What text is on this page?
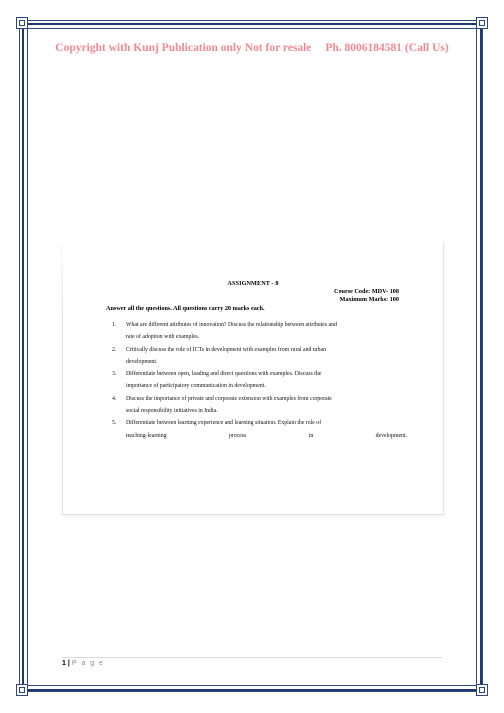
Copyright with Kunj Publication only Not for resale Ph. 8006184581 (Call Us)
ASSIGNMENT - 8
Course Code: MDV- 108
Maximum Marks: 100
Answer all the questions. All questions carry 20 marks each.
1. What are different attributes of innovation? Discuss the relationship between attributes and
rate of adoption with examples.
2. Critically discuss the role of ICTs in development with examples from rural and urban
development.
3. Differentiate between open, leading and direct questions with examples. Discuss the
importance of participatory communication in development.
4. Discuss the importance of private and corporate extension with examples from corporate
social responsibility initiatives in India.
5. Differentiate between learning experience and learning situation. Explain the role of
teaching-learning	process	in	development.
1 | P a g e
